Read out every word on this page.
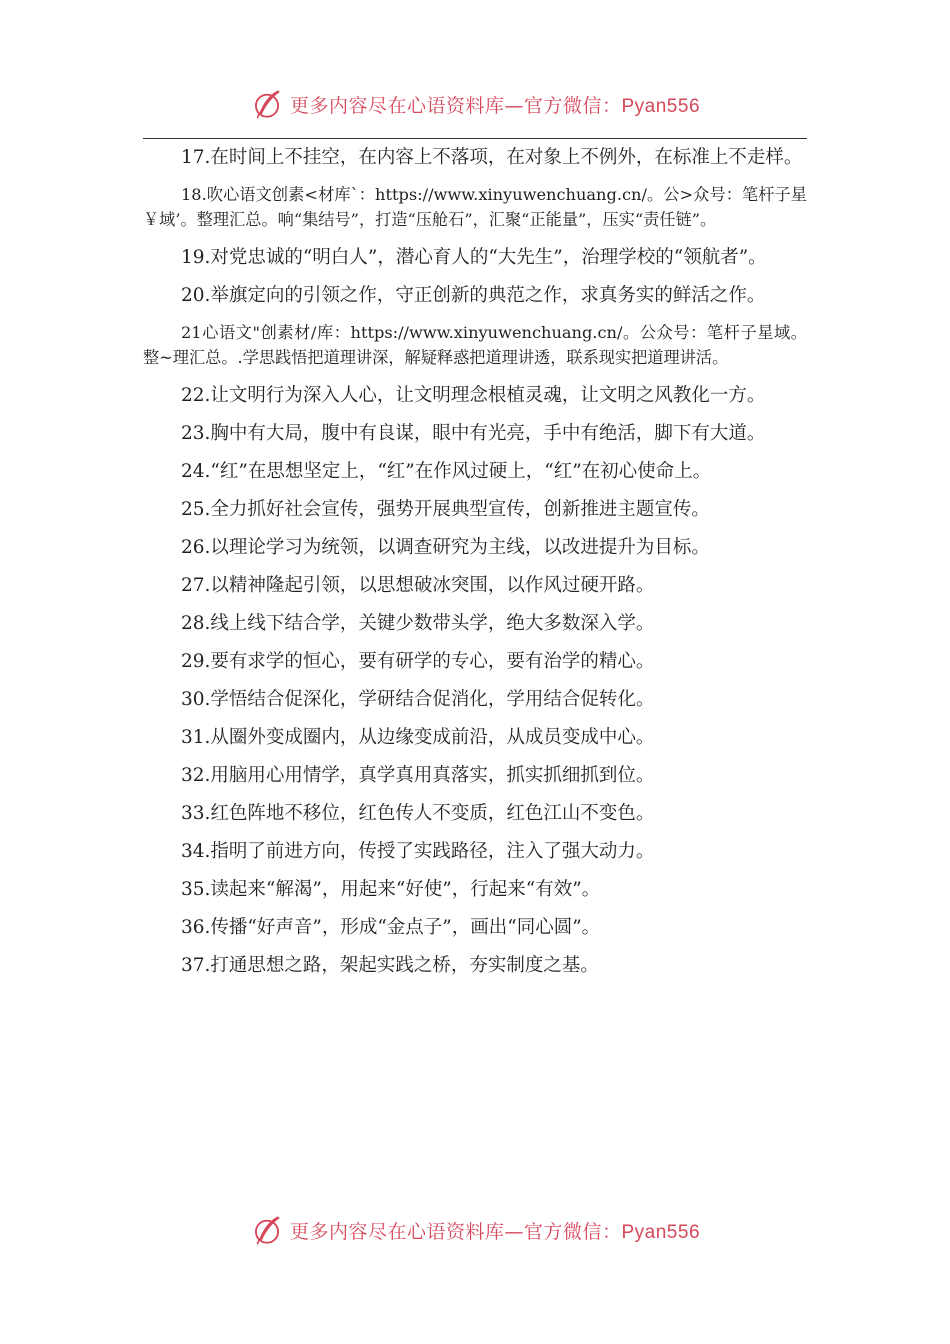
更多内容尽在心语资料库—官方微信：Pyan556

17.在时间上不挂空，在内容上不落项，在对象上不例外，在标准上不走样。

18.吹心语文创素<材库`：https://www.xinyuwenchuang.cn/。公>众号：笔杆子星￥域’。整理汇总。响“集结号”，打造“压舱石”，汇聚“正能量”，压实“责任链”。

19.对党忠诚的“明白人”，潜心育人的“大先生”，治理学校的“领航者”。

20.举旗定向的引领之作，守正创新的典范之作，求真务实的鲜活之作。

21心语文"创素材/库：https://www.xinyuwenchuang.cn/。公众号：笔杆子星域。整~理汇总。.学思践悟把道理讲深，解疑释惑把道理讲透，联系现实把道理讲活。

22.让文明行为深入人心，让文明理念根植灵魂，让文明之风教化一方。

23.胸中有大局，腹中有良谋，眼中有光亮，手中有绝活，脚下有大道。

24.“红”在思想坚定上，“红”在作风过硬上，“红”在初心使命上。

25.全力抓好社会宣传，强势开展典型宣传，创新推进主题宣传。

26.以理论学习为统领，以调查研究为主线，以改进提升为目标。

27.以精神隆起引领，以思想破冰突围，以作风过硬开路。

28.线上线下结合学，关键少数带头学，绝大多数深入学。

29.要有求学的恒心，要有研学的专心，要有治学的精心。

30.学悟结合促深化，学研结合促消化，学用结合促转化。

31.从圈外变成圈内，从边缘变成前沿，从成员变成中心。

32.用脑用心用情学，真学真用真落实，抓实抓细抓到位。

33.红色阵地不移位，红色传人不变质，红色江山不变色。

34.指明了前进方向，传授了实践路径，注入了强大动力。

35.读起来“解渴”，用起来“好使”，行起来“有效”。

36.传播“好声音”，形成“金点子”，画出“同心圆”。

37.打通思想之路，架起实践之桥，夯实制度之基。

更多内容尽在心语资料库—官方微信：Pyan556
